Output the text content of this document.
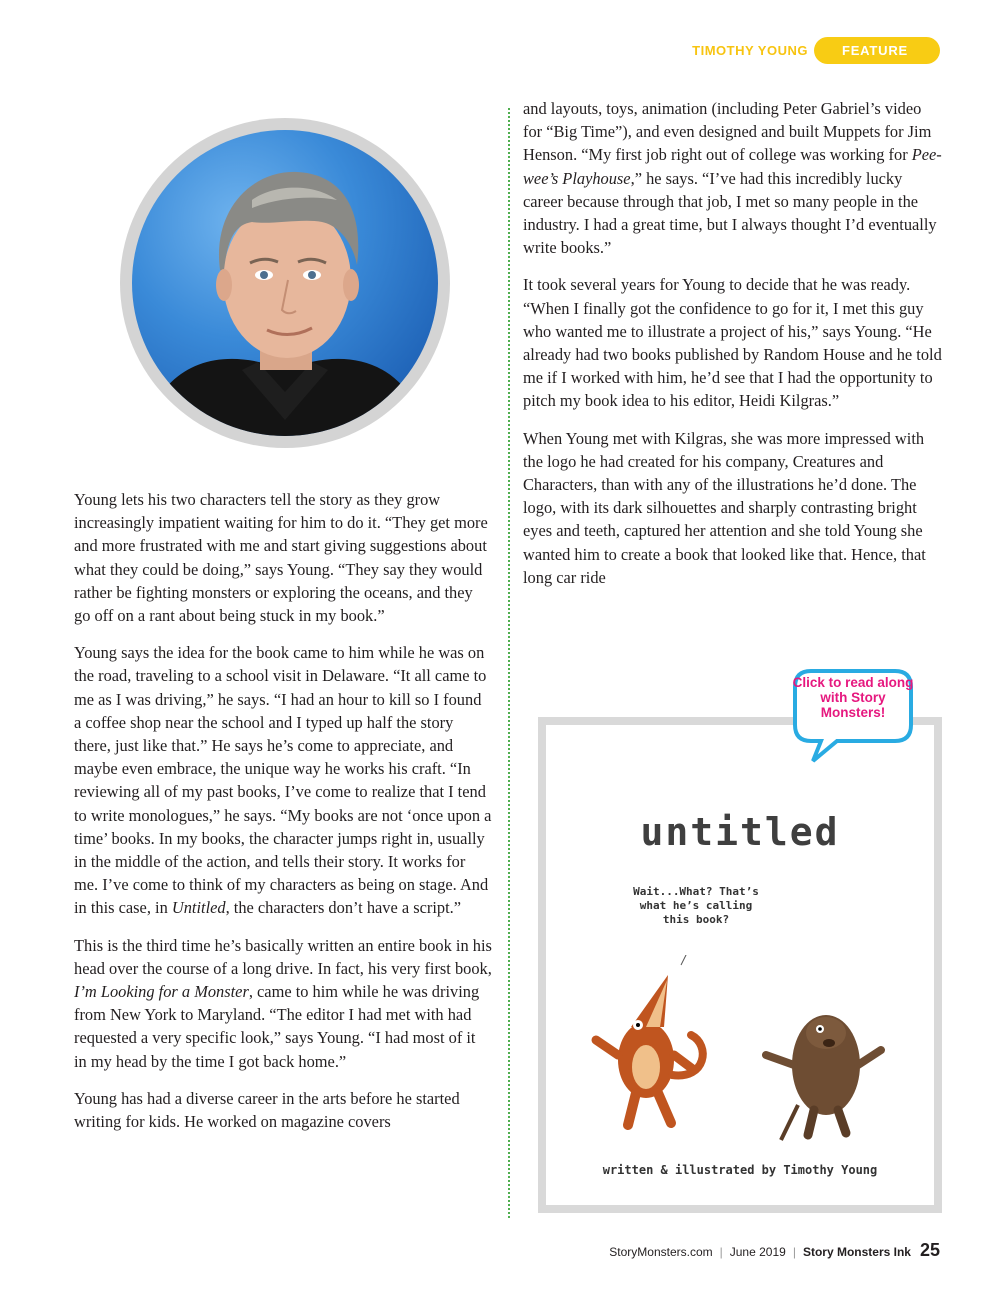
TIMOTHY YOUNG	FEATURE

Young lets his two characters tell the story as they grow increasingly impatient waiting for him to do it. “They get more and more frustrated with me and start giving suggestions about what they could be doing,” says Young. “They say they would rather be fighting monsters or exploring the oceans, and they go off on a rant about being stuck in my book.”

Young says the idea for the book came to him while he was on the road, traveling to a school visit in Delaware. “It all came to me as I was driving,” he says. “I had an hour to kill so I found a coffee shop near the school and I typed up half the story there, just like that.” He says he’s come to appreciate, and maybe even embrace, the unique way he works his craft. “In reviewing all of my past books, I’ve come to realize that I tend to write monologues,” he says. “My books are not ‘once upon a time’ books. In my books, the character jumps right in, usually in the middle of the action, and tells their story. It works for me. I’ve come to think of my characters as being on stage. And in this case, in Untitled, the characters don’t have a script.”

This is the third time he’s basically written an entire book in his head over the course of a long drive. In fact, his very first book, I’m Looking for a Monster, came to him while he was driving from New York to Maryland. “The editor I had met with had requested a very specific look,” says Young. “I had most of it in my head by the time I got back home.”

Young has had a diverse career in the arts before he started writing for kids. He worked on magazine covers

and layouts, toys, animation (including Peter Gabriel’s video for “Big Time”), and even designed and built Muppets for Jim Henson. “My first job right out of college was working for Pee-wee’s Playhouse,” he says. “I’ve had this incredibly lucky career because through that job, I met so many people in the industry. I had a great time, but I always thought I’d eventually write books.”

It took several years for Young to decide that he was ready. “When I finally got the confidence to go for it, I met this guy who wanted me to illustrate a project of his,” says Young. “He already had two books published by Random House and he told me if I worked with him, he’d see that I had the opportunity to pitch my book idea to his editor, Heidi Kilgras.”

When Young met with Kilgras, she was more impressed with the logo he had created for his company, Creatures and Characters, than with any of the illustrations he’d done. The logo, with its dark silhouettes and sharply contrasting bright eyes and teeth, captured her attention and she told Young she wanted him to create a book that looked like that. Hence, that long car ride

untitled
Wait...What? That’s what he’s calling this book?
written & illustrated by Timothy Young
Click to read along with Story Monsters!
StoryMonsters.com | June 2019 | Story Monsters Ink 25
